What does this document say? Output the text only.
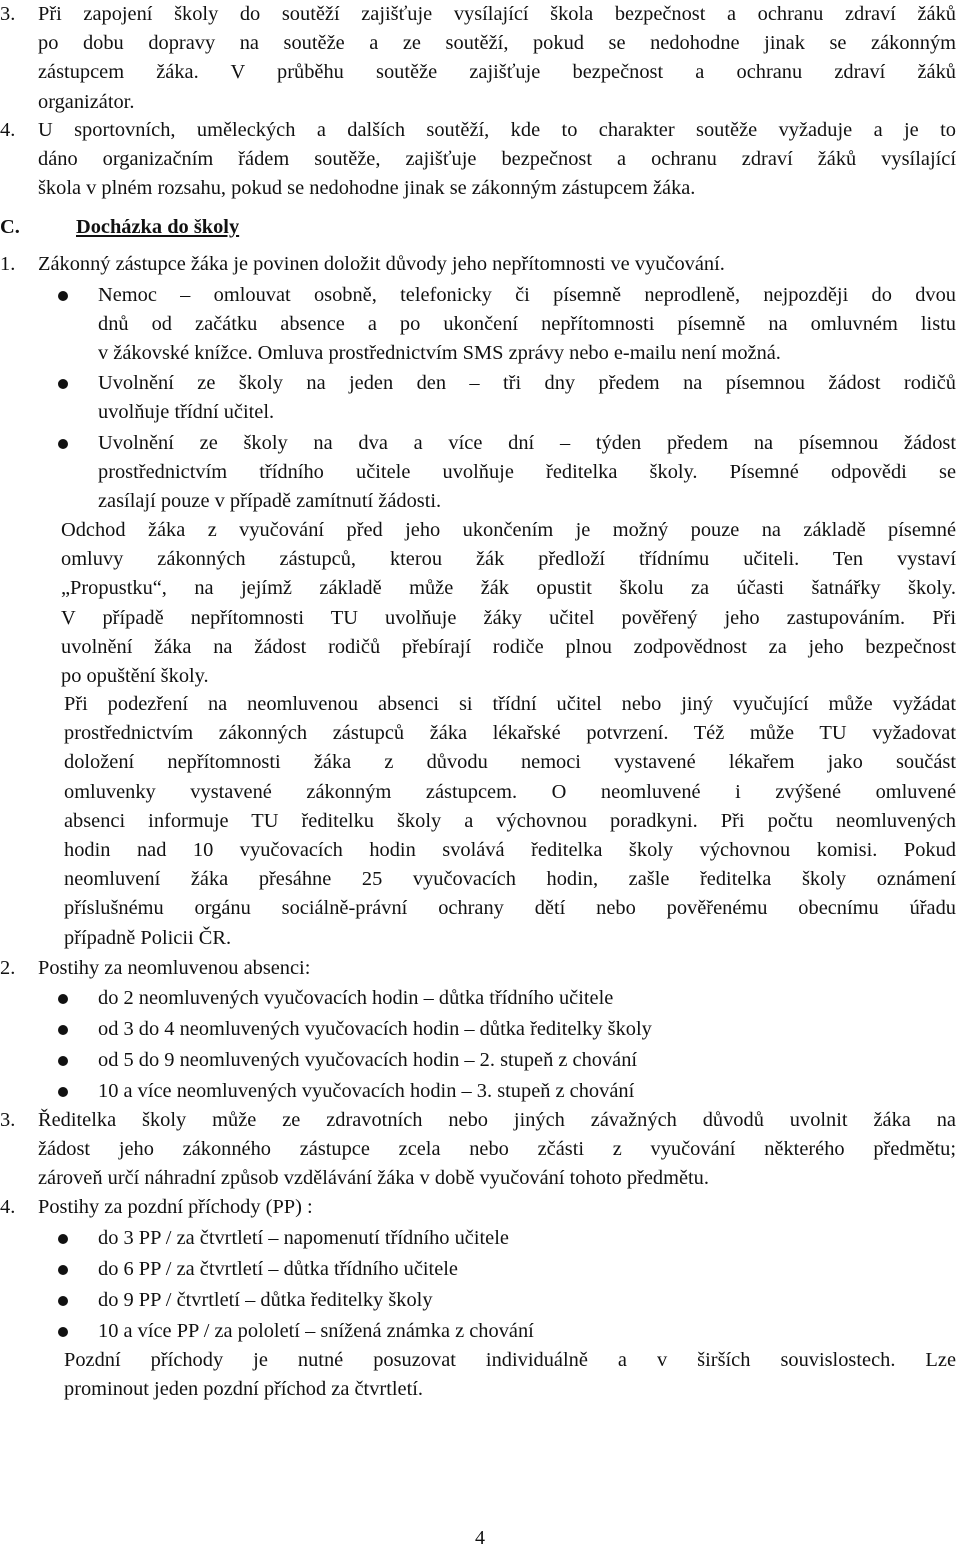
3.	Při zapojení školy do soutěží zajišťuje vysílající škola bezpečnost a ochranu zdraví žáků
po dobu dopravy na soutěže a ze soutěží, pokud se nedohodne jinak se zákonným
zástupcem žáka. V průběhu soutěže zajišťuje bezpečnost a ochranu zdraví žáků
organizátor.
4.	U sportovních, uměleckých a dalších soutěží, kde to charakter soutěže vyžaduje a je to
dáno organizačním řádem soutěže, zajišťuje bezpečnost a ochranu zdraví žáků vysílající
škola v plném rozsahu, pokud se nedohodne jinak se zákonným zástupcem žáka.
C.	Docházka do školy
1.	Zákonný zástupce žáka je povinen doložit důvody jeho nepřítomnosti ve vyučování.
Nemoc – omlouvat osobně, telefonicky či písemně neprodleně, nejpozději do dvou
dnů od začátku absence a po ukončení nepřítomnosti písemně na omluvném listu
v žákovské knížce. Omluva prostřednictvím SMS zprávy nebo e-mailu není možná.
Uvolnění ze školy na jeden den – tři dny předem na písemnou žádost rodičů
uvolňuje třídní učitel.
Uvolnění ze školy na dva a více dní – týden předem na písemnou žádost
prostřednictvím třídního učitele uvolňuje ředitelka školy. Písemné odpovědi se
zasílají pouze v případě zamítnutí žádosti.
Odchod žáka z vyučování před jeho ukončením je možný pouze na základě písemné
omluvy zákonných zástupců, kterou žák předloží třídnímu učiteli. Ten vystaví
„Propustku“, na jejímž základě může žák opustit školu za účasti šatnářky školy.
V případě nepřítomnosti TU uvolňuje žáky učitel pověřený jeho zastupováním. Při
uvolnění žáka na žádost rodičů přebírají rodiče plnou zodpovědnost za jeho bezpečnost
po opuštění školy.
Při podezření na neomluvenou absenci si třídní učitel nebo jiný vyučující může vyžádat
prostřednictvím zákonných zástupců žáka lékařské potvrzení. Též může TU vyžadovat
doložení nepřítomnosti žáka z důvodu nemoci vystavené lékařem jako součást
omluvenky vystavené zákonným zástupcem. O neomluvené i zvýšené omluvené
absenci informuje TU ředitelku školy a výchovnou poradkyni. Při počtu neomluvených
hodin nad 10 vyučovacích hodin svolává ředitelka školy výchovnou komisi. Pokud
neomluvení žáka přesáhne 25 vyučovacích hodin, zašle ředitelka školy oznámení
příslušnému orgánu sociálně-právní ochrany dětí nebo pověřenému obecnímu úřadu
případně Policii ČR.
2.	Postihy za neomluvenou absenci:
do 2 neomluvených vyučovacích hodin – důtka třídního učitele
od 3 do 4 neomluvených vyučovacích hodin – důtka ředitelky školy
od 5 do 9 neomluvených vyučovacích hodin – 2. stupeň z chování
10 a více neomluvených vyučovacích hodin – 3. stupeň z chování
3.	Ředitelka školy může ze zdravotních nebo jiných závažných důvodů uvolnit žáka na
žádost jeho zákonného zástupce zcela nebo zčásti z vyučování některého předmětu;
zároveň určí náhradní způsob vzdělávání žáka v době vyučování tohoto předmětu.
4.	Postihy za pozdní příchody (PP) :
do 3 PP / za čtvrtletí – napomenutí třídního učitele
do 6 PP / za čtvrtletí – důtka třídního učitele
do 9 PP / čtvrtletí – důtka ředitelky školy
10 a více PP / za pololetí – snížená známka z chování
Pozdní příchody je nutné posuzovat individuálně a v širších souvislostech. Lze
prominout jeden pozdní příchod za čtvrtletí.
4
